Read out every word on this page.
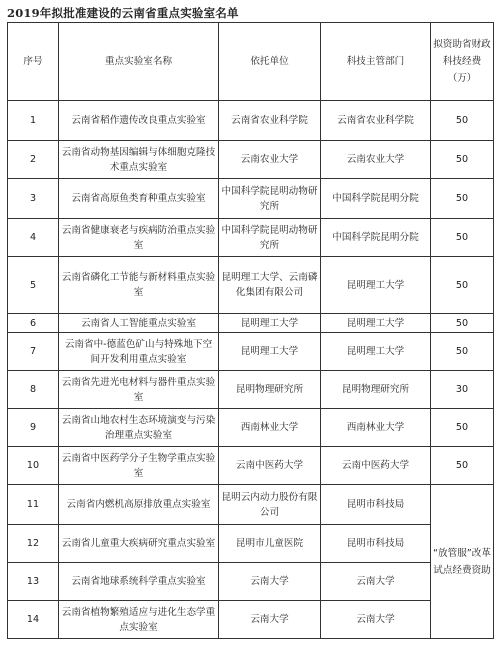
2019年拟批准建设的云南省重点实验室名单
序号	重点实验室名称	依托单位	科技主管部门	拟资助省财政科技经费（万）
1	云南省稻作遗传改良重点实验室	云南省农业科学院	云南省农业科学院	50
2	云南省动物基因编辑与体细胞克隆技术重点实验室	云南农业大学	云南农业大学	50
3	云南省高原鱼类育种重点实验室	中国科学院昆明动物研究所	中国科学院昆明分院	50
4	云南省健康衰老与疾病防治重点实验室	中国科学院昆明动物研究所	中国科学院昆明分院	50
5	云南省磷化工节能与新材料重点实验室	昆明理工大学、云南磷化集团有限公司	昆明理工大学	50
6	云南省人工智能重点实验室	昆明理工大学	昆明理工大学	50
7	云南省中-德蓝色矿山与特殊地下空间开发利用重点实验室	昆明理工大学	昆明理工大学	50
8	云南省先进光电材料与器件重点实验室	昆明物理研究所	昆明物理研究所	30
9	云南省山地农村生态环境演变与污染治理重点实验室	西南林业大学	西南林业大学	50
10	云南省中医药学分子生物学重点实验室	云南中医药大学	云南中医药大学	50
11	云南省内燃机高原排放重点实验室	昆明云内动力股份有限公司	昆明市科技局	“放管服”改革试点经费资助
12	云南省儿童重大疾病研究重点实验室	昆明市儿童医院	昆明市科技局	
13	云南省地球系统科学重点实验室	云南大学	云南大学	
14	云南省植物繁殖适应与进化生态学重点实验室	云南大学	云南大学	
